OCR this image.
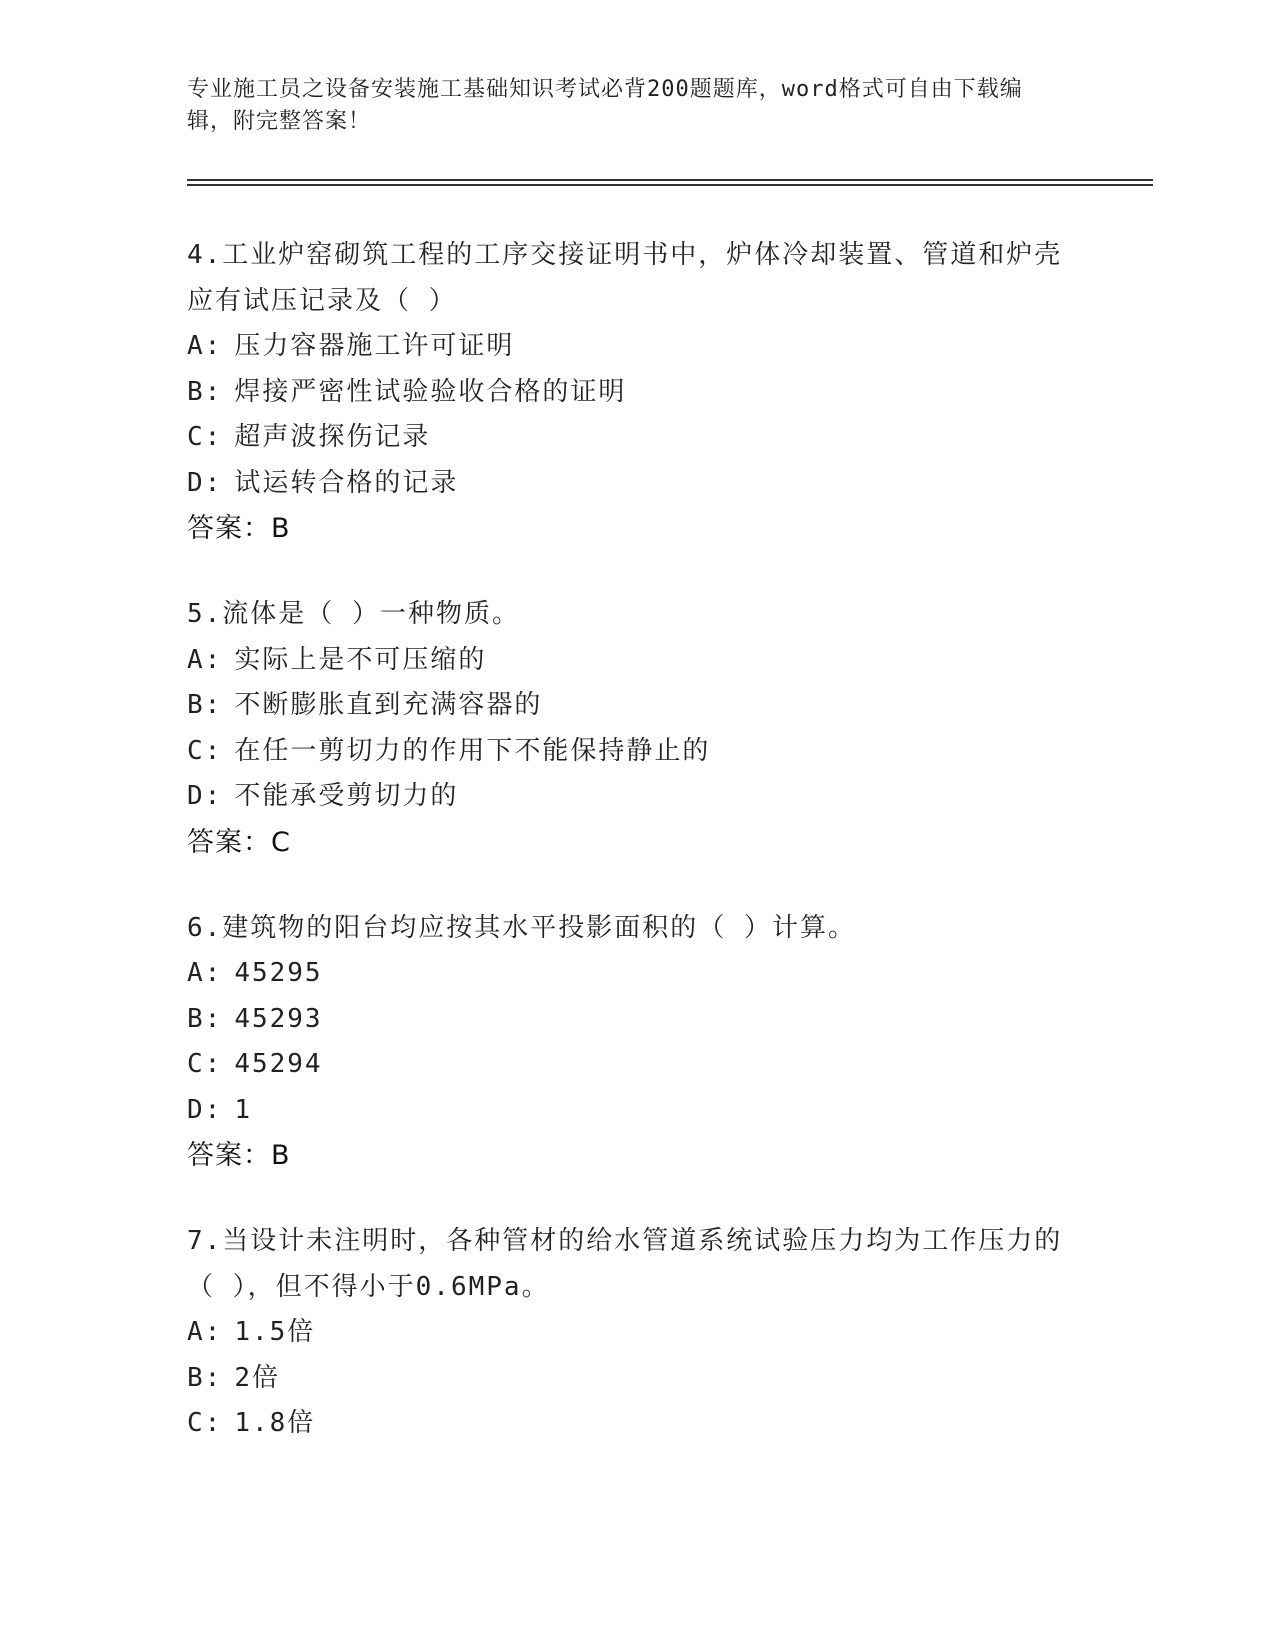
专业施工员之设备安装施工基础知识考试必背200题题库，word格式可自由下载编辑，附完整答案！

4.工业炉窑砌筑工程的工序交接证明书中，炉体冷却装置、管道和炉壳应有试压记录及（ ）

A: 压力容器施工许可证明
B: 焊接严密性试验验收合格的证明
C: 超声波探伤记录
D: 试运转合格的记录
答案：B

5.流体是（ ）一种物质。

A: 实际上是不可压缩的
B: 不断膨胀直到充满容器的
C: 在任一剪切力的作用下不能保持静止的
D: 不能承受剪切力的
答案：C

6.建筑物的阳台均应按其水平投影面积的（ ）计算。

A: 45295
B: 45293
C: 45294
D: 1
答案：B

7.当设计未注明时，各种管材的给水管道系统试验压力均为工作压力的（ ），但不得小于0.6MPa。

A: 1.5倍
B: 2倍
C: 1.8倍
